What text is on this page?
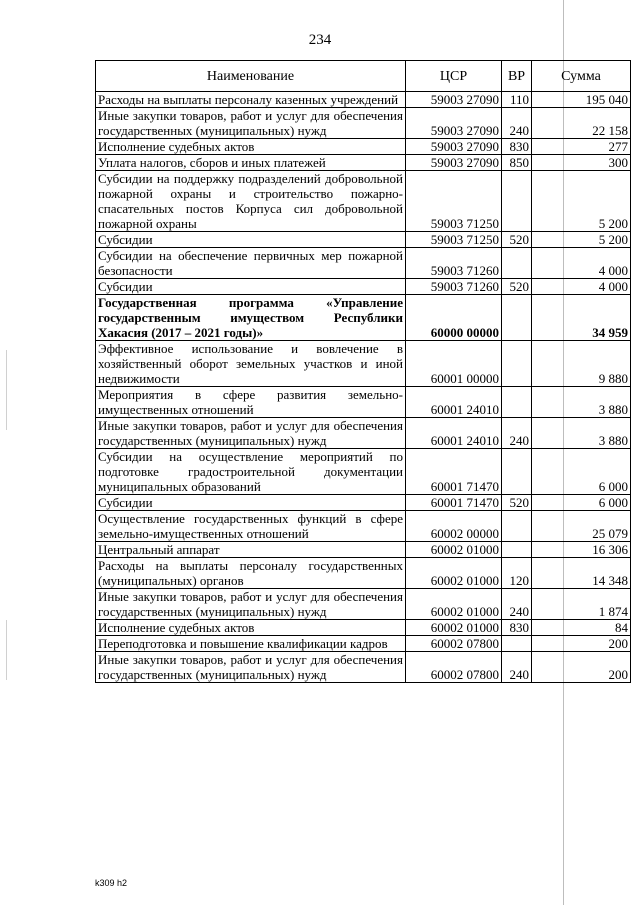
234
Наименование	ЦСР	ВР	Сумма
Расходы на выплаты персоналу казенных учреждений	59003 27090	110	195 040
Иные закупки товаров, работ и услуг для обеспечения государственных (муниципальных) нужд	59003 27090	240	22 158
Исполнение судебных актов	59003 27090	830	277
Уплата налогов, сборов и иных платежей	59003 27090	850	300
Субсидии на поддержку подразделений добровольной пожарной охраны и строительство пожарно-спасательных постов Корпуса сил добровольной пожарной охраны	59003 71250		5 200
Субсидии	59003 71250	520	5 200
Субсидии на обеспечение первичных мер пожарной безопасности	59003 71260		4 000
Субсидии	59003 71260	520	4 000
Государственная программа «Управление государственным имуществом Республики Хакасия (2017 – 2021 годы)»	60000 00000		34 959
Эффективное использование и вовлечение в хозяйственный оборот земельных участков и иной недвижимости	60001 00000		9 880
Мероприятия в сфере развития земельно-имущественных отношений	60001 24010		3 880
Иные закупки товаров, работ и услуг для обеспечения государственных (муниципальных) нужд	60001 24010	240	3 880
Субсидии на осуществление мероприятий по подготовке градостроительной документации муниципальных образований	60001 71470		6 000
Субсидии	60001 71470	520	6 000
Осуществление государственных функций в сфере земельно-имущественных отношений	60002 00000		25 079
Центральный аппарат	60002 01000		16 306
Расходы на выплаты персоналу государственных (муниципальных) органов	60002 01000	120	14 348
Иные закупки товаров, работ и услуг для обеспечения государственных (муниципальных) нужд	60002 01000	240	1 874
Исполнение судебных актов	60002 01000	830	84
Переподготовка и повышение квалификации кадров	60002 07800		200
Иные закупки товаров, работ и услуг для обеспечения государственных (муниципальных) нужд	60002 07800	240	200
k309 h2
